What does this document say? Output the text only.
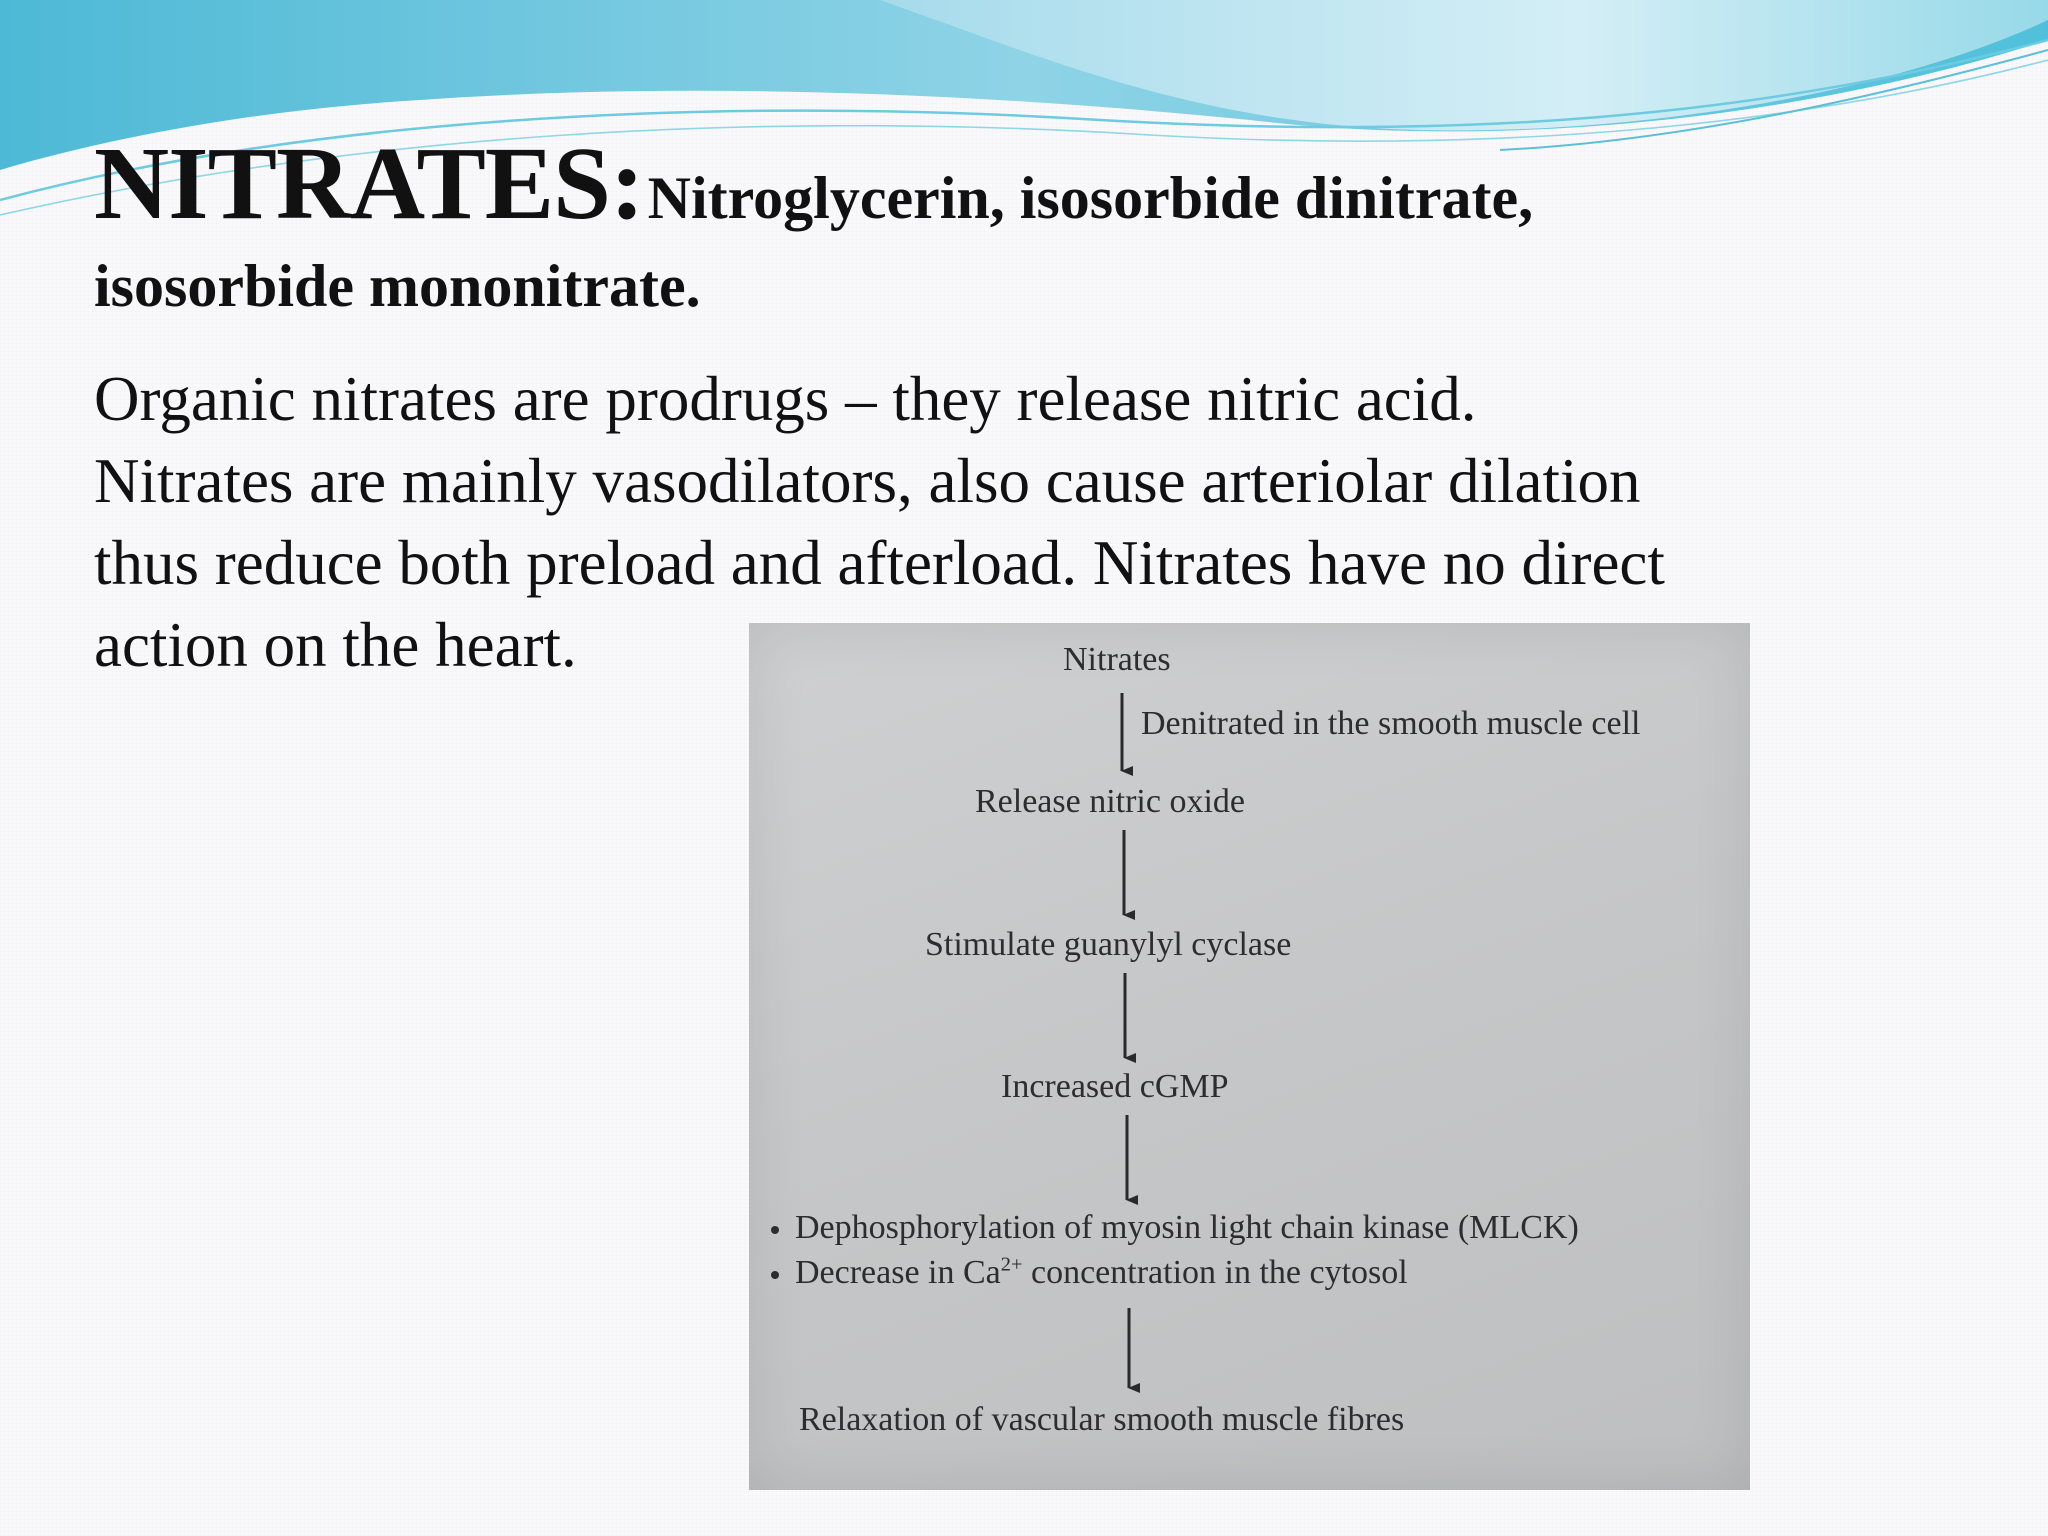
NITRATES: Nitroglycerin, isosorbide dinitrate,
isosorbide mononitrate.
Organic nitrates are prodrugs – they release nitric acid.
Nitrates are mainly vasodilators, also cause arteriolar dilation
thus reduce both preload and afterload. Nitrates have no direct
action on the heart.	Nitrates
Denitrated in the smooth muscle cell
Release nitric oxide
Stimulate guanylyl cyclase
Increased cGMP
Dephosphorylation of myosin light chain kinase (MLCK)
Decrease in $Ca^{2+}$ concentration in the cytosol
Relaxation of vascular smooth muscle fibres
